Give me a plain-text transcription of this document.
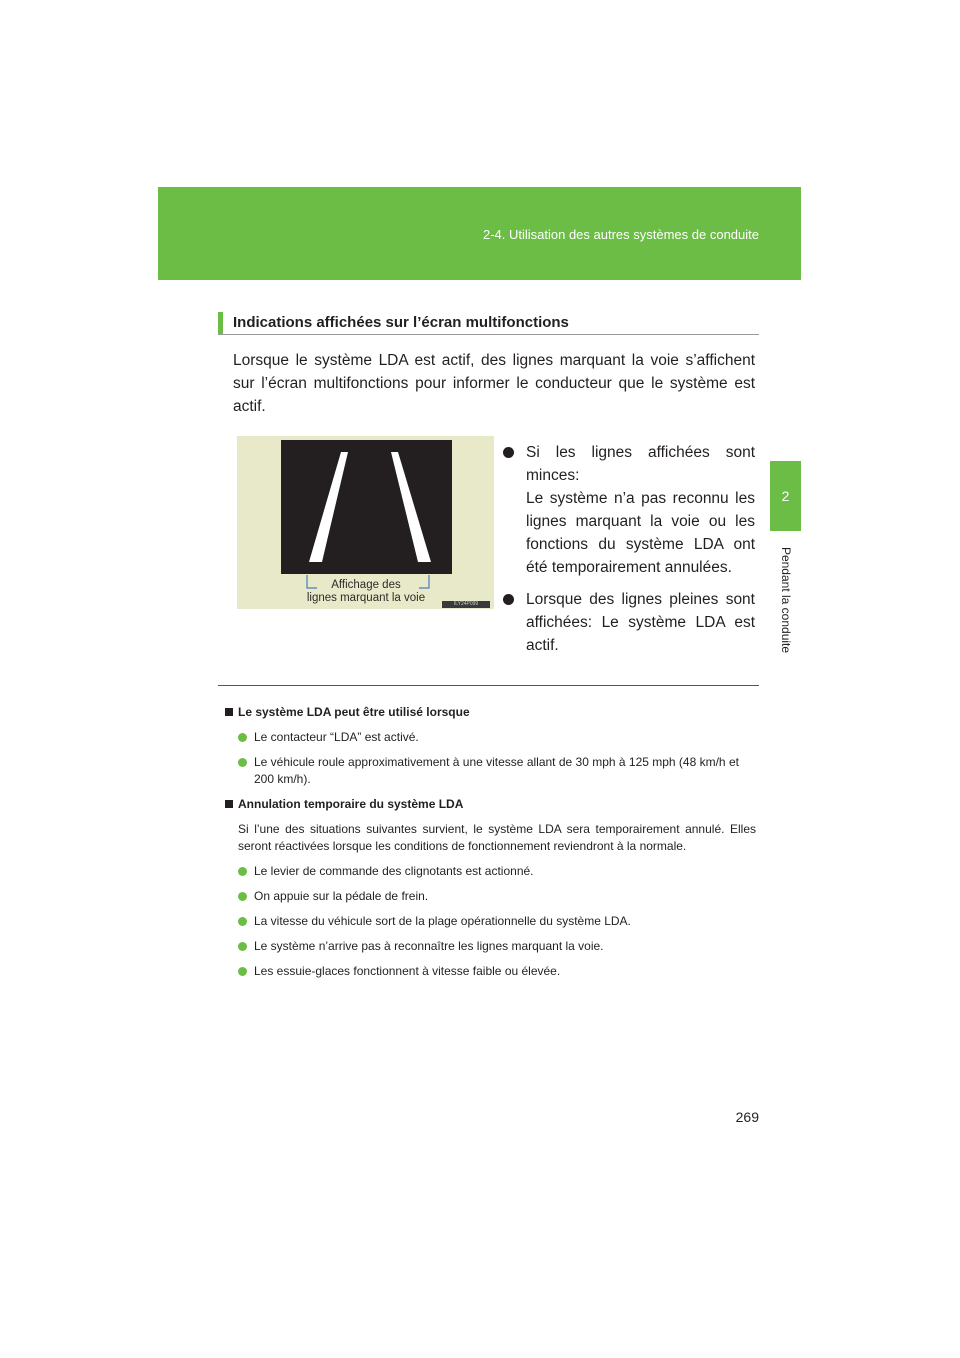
2-4. Utilisation des autres systèmes de conduite
2
Pendant la conduite
Indications affichées sur l’écran multifonctions
Lorsque le système LDA est actif, des lignes marquant la voie s’affichent sur l’écran multifonctions pour informer le conducteur que le système est actif.
Affichage des
lignes marquant la voie	ILY24P099
Si les lignes affichées sont minces:
Le système n’a pas reconnu les lignes marquant la voie ou les fonctions du système LDA ont été temporairement annulées.
Lorsque des lignes pleines sont affichées: Le système LDA est actif.
Le système LDA peut être utilisé lorsque
Le contacteur “LDA” est activé.
Le véhicule roule approximativement à une vitesse allant de 30 mph à 125 mph (48 km/h et 200 km/h).
Annulation temporaire du système LDA
Si l’une des situations suivantes survient, le système LDA sera temporairement annulé. Elles seront réactivées lorsque les conditions de fonctionnement reviendront à la normale.
Le levier de commande des clignotants est actionné.
On appuie sur la pédale de frein.
La vitesse du véhicule sort de la plage opérationnelle du système LDA.
Le système n’arrive pas à reconnaître les lignes marquant la voie.
Les essuie-glaces fonctionnent à vitesse faible ou élevée.
269
